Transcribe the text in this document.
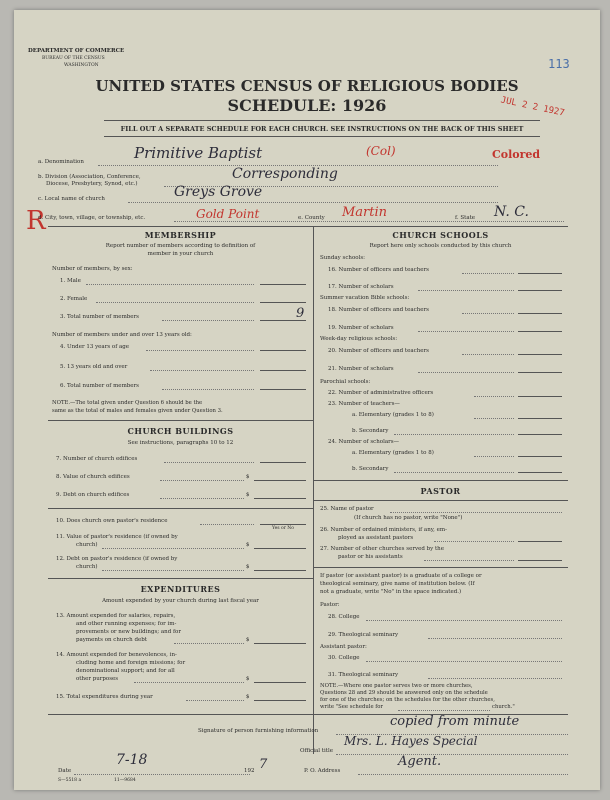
DEPARTMENT OF COMMERCE
BUREAU OF THE CENSUS
WASHINGTON	113
UNITED STATES CENSUS OF RELIGIOUS BODIES
SCHEDULE: 1926	JUL 2 2 1927
FILL OUT A SEPARATE SCHEDULE FOR EACH CHURCH. SEE INSTRUCTIONS ON THE BACK OF THIS SHEET
a. Denomination	Primitive Baptist	(Col)	Colored
b. Division (Association, Conference,
Diocese, Presbytery, Synod, etc.)
Corresponding
c. Local name of church	Greys Grove
R
d. City, town, village, or township, etc.	Gold Point	e. County Martin	f. State N. C.
MEMBERSHIP
Report number of members according to definition of
member in your church
Number of members, by sex:
1. Male
2. Female
3. Total number of members	9
Number of members under and over 13 years old:
4. Under 13 years of age
5. 13 years old and over
6. Total number of members
NOTE.—The total given under Question 6 should be the
same as the total of males and females given under Question 3.
CHURCH BUILDINGS
See instructions, paragraphs 10 to 12
7. Number of church edifices
8. Value of church edifices	$
9. Debt on church edifices	$
10. Does church own pastor's residence
Yes or No
11. Value of pastor's residence (if owned by
church)	$
12. Debt on pastor's residence (if owned by
church)	$
EXPENDITURES
Amount expended by your church during last fiscal year
13. Amount expended for salaries, repairs,
and other running expenses; for im-
provements or new buildings; and for
payments on church debt	$
14. Amount expended for benevolences, in-
cluding home and foreign missions; for
denominational support; and for all
other purposes	$
15. Total expenditures during year	$
CHURCH SCHOOLS
Report here only schools conducted by this church
Sunday schools:
16. Number of officers and teachers
17. Number of scholars
Summer vacation Bible schools:
18. Number of officers and teachers
19. Number of scholars
Week-day religious schools:
20. Number of officers and teachers
21. Number of scholars
Parochial schools:
22. Number of administrative officers
23. Number of teachers—
a. Elementary (grades 1 to 8)
b. Secondary
24. Number of scholars—
a. Elementary (grades 1 to 8)
b. Secondary
PASTOR
25. Name of pastor
(If church has no pastor, write "None")
26. Number of ordained ministers, if any, em-
ployed as assistant pastors
27. Number of other churches served by the
pastor or his assistants
If pastor (or assistant pastor) is a graduate of a college or
theological seminary, give name of institution below. (If
not a graduate, write "No" in the space indicated.)
Pastor:
28. College
29. Theological seminary
Assistant pastor:
30. College
31. Theological seminary
NOTE.—Where one pastor serves two or more churches,
Questions 28 and 29 should be answered only on the schedule
for one of the churches; on the schedules for the other churches,
write "See schedule for	church."
Signature of person furnishing information
copied from minute
Official title
Mrs. L. Hayes Special
Date
7-18
192 7	P. O. Address
Agent.
S—5518 a	11—9684
